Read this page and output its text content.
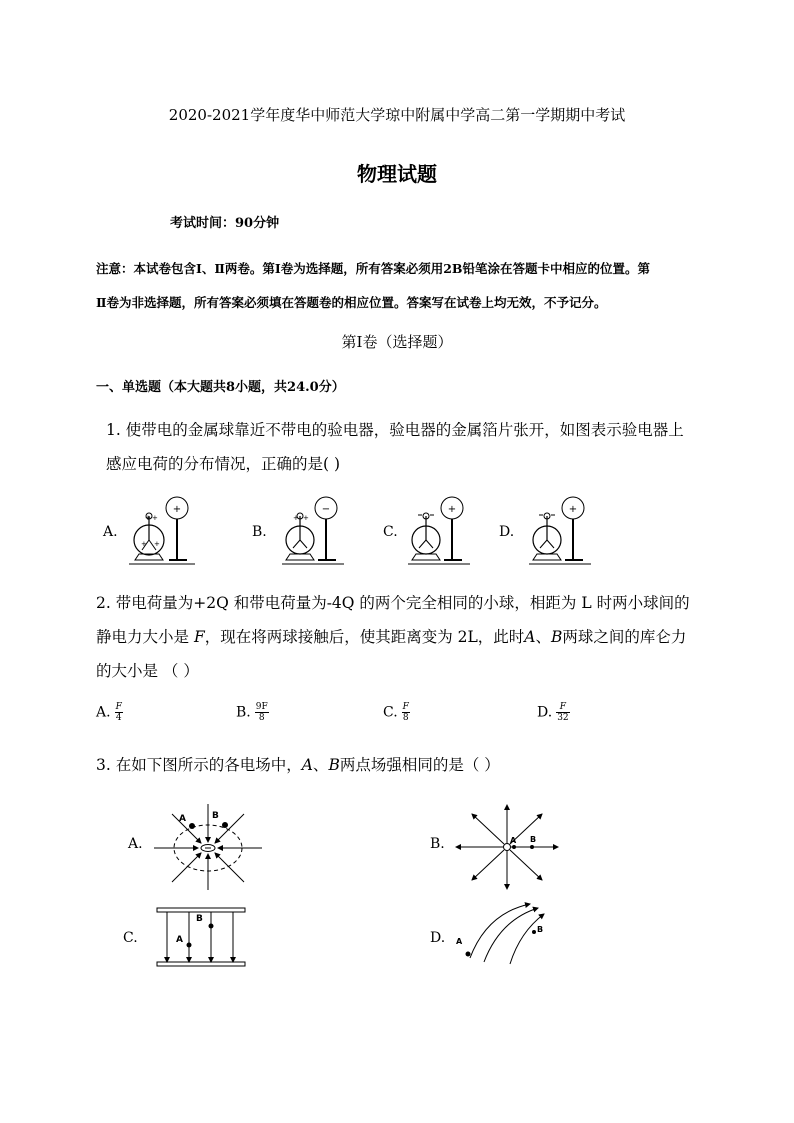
2020-2021学年度华中师范大学琼中附属中学高二第一学期期中考试
物理试题
考试时间：90分钟
注意：本试卷包含Ⅰ、Ⅱ两卷。第Ⅰ卷为选择题，所有答案必须用2B铅笔涂在答题卡中相应的位置。第
Ⅱ卷为非选择题，所有答案必须填在答题卷的相应位置。答案写在试卷上均无效，不予记分。
第Ⅰ卷（选择题）
一、单选题（本大题共8小题，共24.0分）
1. 使带电的金属球靠近不带电的验电器，验电器的金属箔片张开，如图表示验电器上
感应电荷的分布情况，正确的是( )
A.	B.	C.	D.
+
+ +
+ +
−
+ +
+	+
2. 带电荷量为+2Q 和带电荷量为-4Q 的两个完全相同的小球，相距为 L 时两小球间的
静电力大小是 F，现在将两球接触后，使其距离变为 2L，此时A、B两球之间的库仑力
的大小是 （ ）
A. $\frac{F}{4}$	B. $\frac{9F}{8}$	C. $\frac{F}{8}$	D. $\frac{F}{32}$
3. 在如下图所示的各电场中，A、B两点场强相同的是（ ）
A.	B.
C.	D.
A	B
A B
A
B
A
B
